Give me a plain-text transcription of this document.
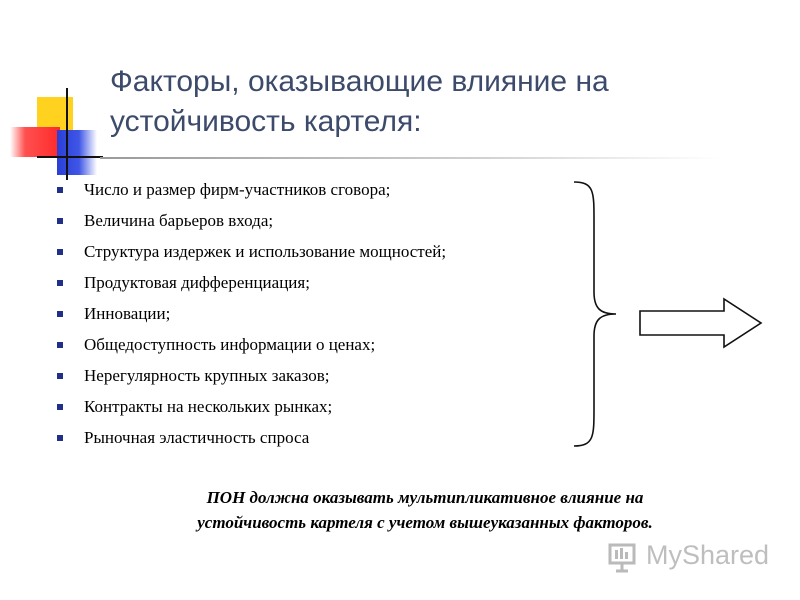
Факторы, оказывающие влияние на устойчивость картеля:
Число и размер фирм-участников сговора;
Величина барьеров входа;
Структура издержек и использование мощностей;
Продуктовая дифференциация;
Инновации;
Общедоступность информации о ценах;
Нерегулярность крупных заказов;
Контракты на нескольких рынках;
Рыночная эластичность спроса
ПОН должна оказывать мультипликативное влияние на
устойчивость картеля с учетом вышеуказанных факторов.
MyShared
